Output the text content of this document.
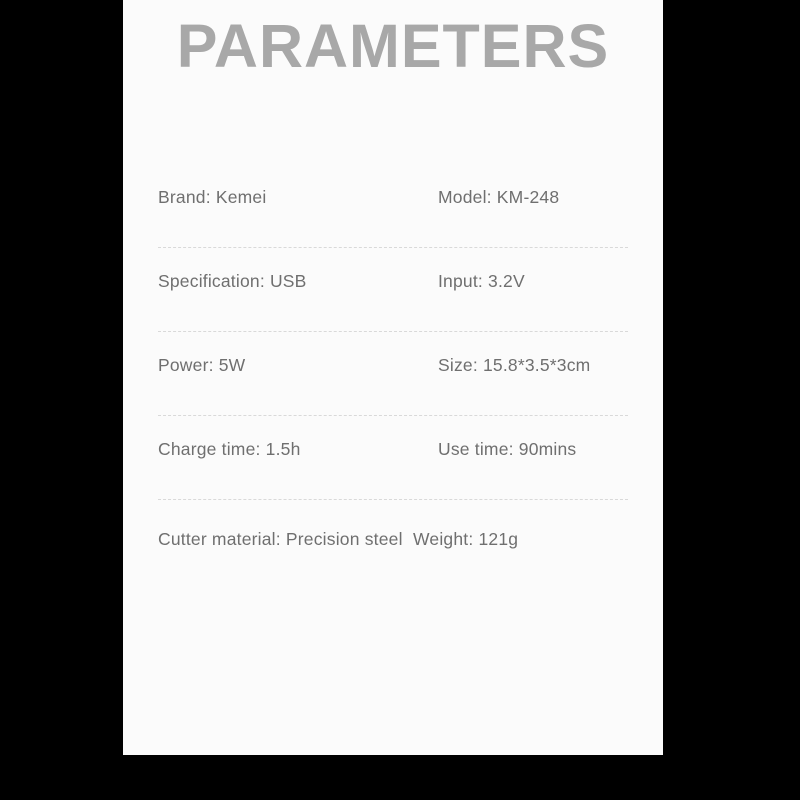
PARAMETERS
Brand: Kemei	Model: KM-248
Specification: USB	Input: 3.2V
Power: 5W	Size: 15.8*3.5*3cm
Charge time: 1.5h	Use time: 90mins
Cutter material: Precision steel Weight: 121g
